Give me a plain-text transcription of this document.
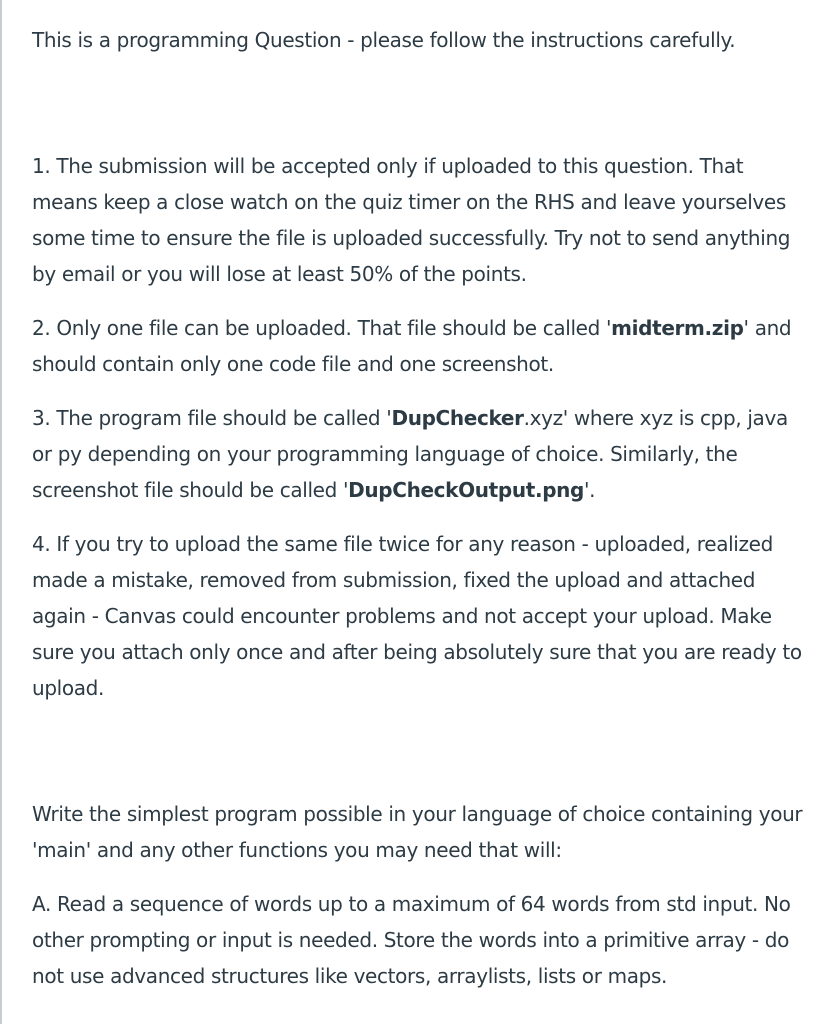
This is a programming Question - please follow the instructions carefully.

1. The submission will be accepted only if uploaded to this question. That means keep a close watch on the quiz timer on the RHS and leave yourselves some time to ensure the file is uploaded successfully. Try not to send anything by email or you will lose at least 50% of the points.

2. Only one file can be uploaded. That file should be called 'midterm.zip' and should contain only one code file and one screenshot.

3. The program file should be called 'DupChecker.xyz' where xyz is cpp, java or py depending on your programming language of choice. Similarly, the screenshot file should be called 'DupCheckOutput.png'.

4. If you try to upload the same file twice for any reason - uploaded, realized made a mistake, removed from submission, fixed the upload and attached again - Canvas could encounter problems and not accept your upload. Make sure you attach only once and after being absolutely sure that you are ready to upload.

Write the simplest program possible in your language of choice containing your 'main' and any other functions you may need that will:

A. Read a sequence of words up to a maximum of 64 words from std input. No other prompting or input is needed. Store the words into a primitive array - do not use advanced structures like vectors, arraylists, lists or maps.
